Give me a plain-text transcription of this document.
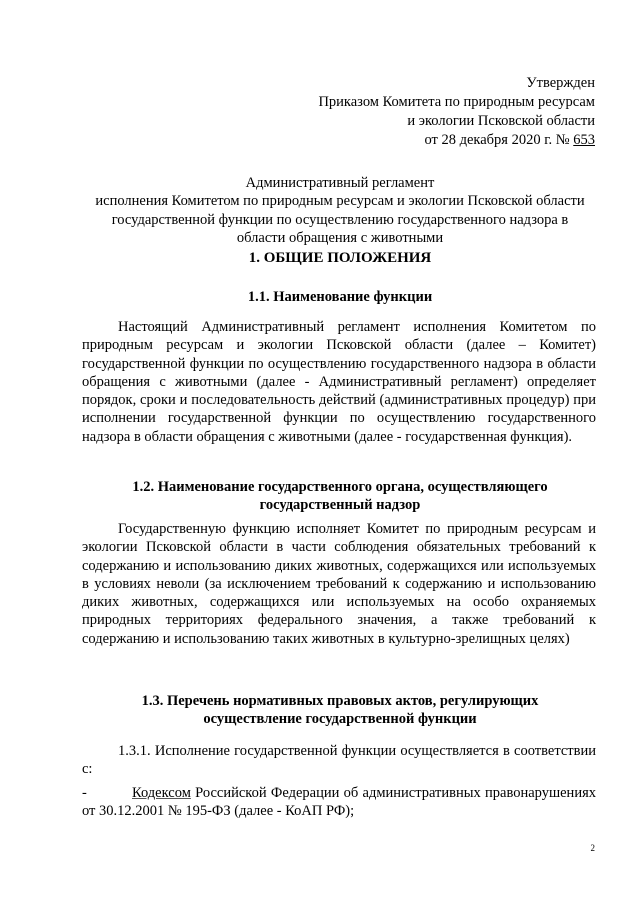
Утвержден
Приказом Комитета по природным ресурсам
и экологии Псковской области
от 28 декабря 2020 г. № 653
Административный регламент
исполнения Комитетом по природным ресурсам и экологии Псковской области
государственной функции по осуществлению государственного надзора в
области обращения с животными
1. ОБЩИЕ ПОЛОЖЕНИЯ
1.1. Наименование функции

Настоящий Административный регламент исполнения Комитетом по природным ресурсам и экологии Псковской области (далее – Комитет) государственной функции по осуществлению государственного надзора в области обращения с животными (далее - Административный регламент) определяет порядок, сроки и последовательность действий (административных процедур) при исполнении государственной функции по осуществлению государственного надзора в области обращения с животными (далее - государственная функция).

1.2. Наименование государственного органа, осуществляющего
государственный надзор

Государственную функцию исполняет Комитет по природным ресурсам и экологии Псковской области в части соблюдения обязательных требований к содержанию и использованию диких животных, содержащихся или используемых в условиях неволи (за исключением требований к содержанию и использованию диких животных, содержащихся или используемых на особо охраняемых природных территориях федерального значения, а также требований к содержанию и использованию таких животных в культурно-зрелищных целях)

1.3. Перечень нормативных правовых актов, регулирующих
осуществление государственной функции

1.3.1. Исполнение государственной функции осуществляется в соответствии с:

-	Кодексом Российской Федерации об административных правонарушениях от 30.12.2001 № 195-ФЗ (далее - КоАП РФ);

2
